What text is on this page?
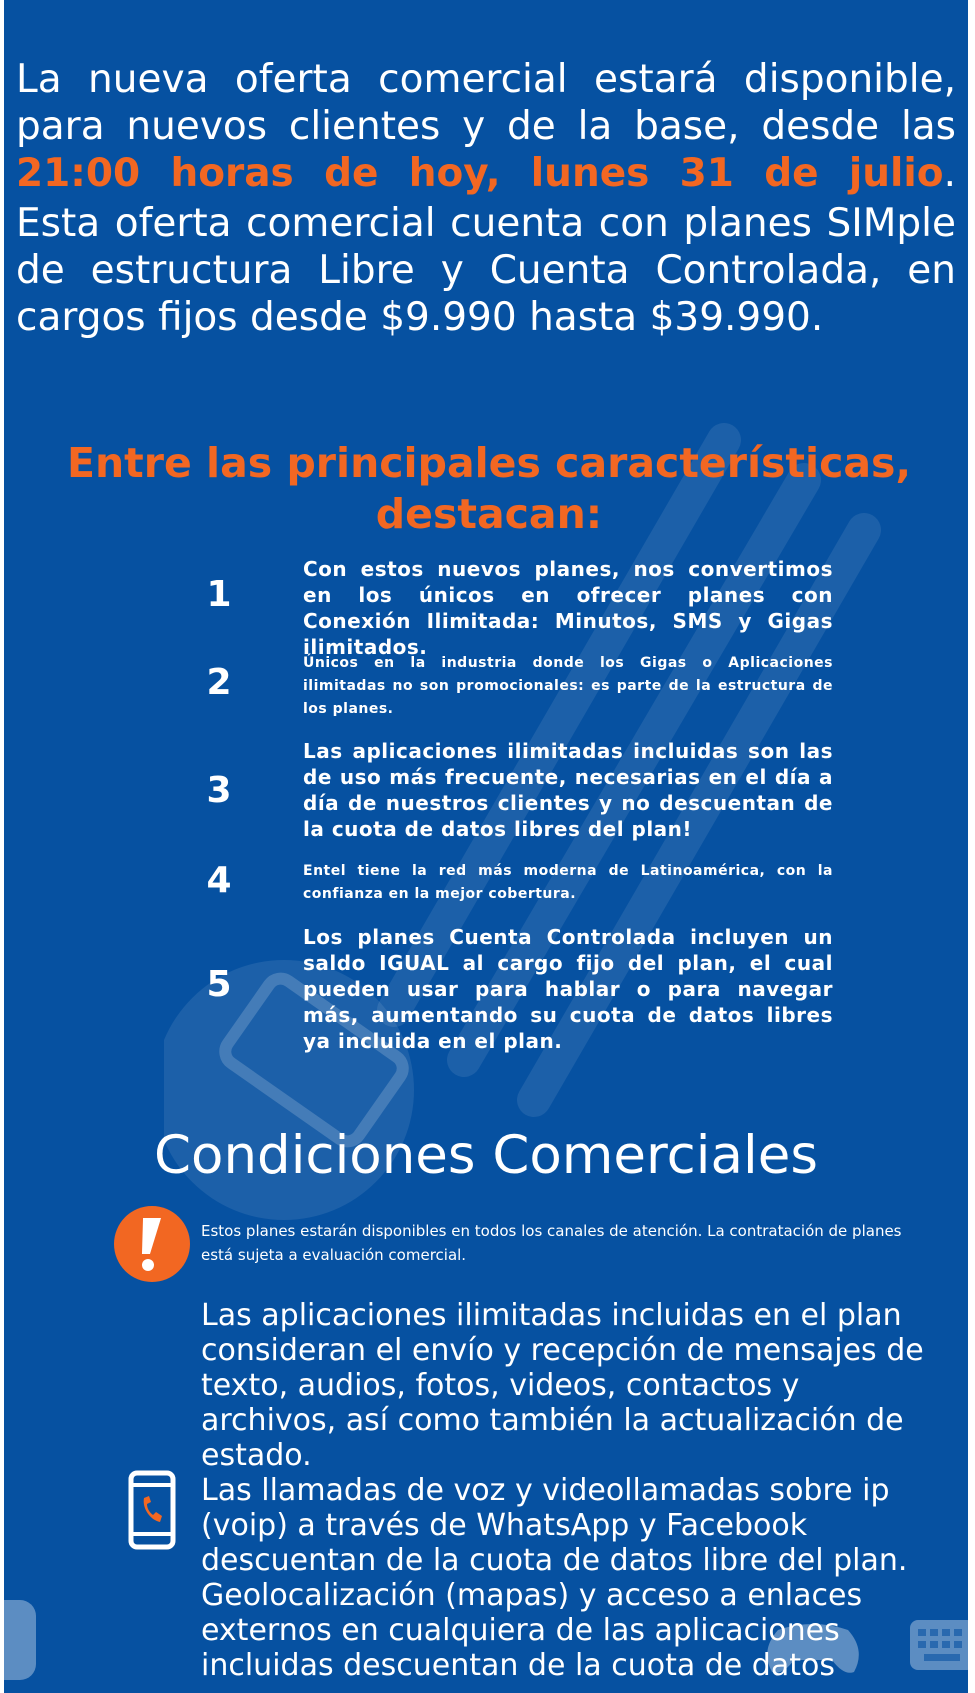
La nueva oferta comercial estará disponible, para nuevos clientes y de la base, desde las 21:00 horas de hoy, lunes 31 de julio.
Esta oferta comercial cuenta con planes SIMple de estructura Libre y Cuenta Controlada, en cargos fijos desde $9.990 hasta $39.990.
Entre las principales características, destacan:
1
Con estos nuevos planes, nos convertimos en los únicos en ofrecer planes con Conexión Ilimitada: Minutos, SMS y Gigas ilimitados.
2	Únicos en la industria donde los Gigas o Aplicaciones ilimitadas no son promocionales: es parte de la estructura de los planes.
3
Las aplicaciones ilimitadas incluidas son las de uso más frecuente, necesarias en el día a día de nuestros clientes y no descuentan de la cuota de datos libres del plan!
4	Entel tiene la red más moderna de Latinoamérica, con la confianza en la mejor cobertura.
5
Los planes Cuenta Controlada incluyen un saldo IGUAL al cargo fijo del plan, el cual pueden usar para hablar o para navegar más, aumentando su cuota de datos libres ya incluida en el plan.
Condiciones Comerciales
Estos planes estarán disponibles en todos los canales de atención. La contratación de planes está sujeta a evaluación comercial.
Las aplicaciones ilimitadas incluidas en el plan consideran el envío y recepción de mensajes de texto, audios, fotos, videos, contactos y archivos, así como también la actualización de estado.
Las llamadas de voz y videollamadas sobre ip (voip) a través de WhatsApp y Facebook descuentan de la cuota de datos libre del plan. Geolocalización (mapas) y acceso a enlaces externos en cualquiera de las aplicaciones incluidas descuentan de la cuota de datos
